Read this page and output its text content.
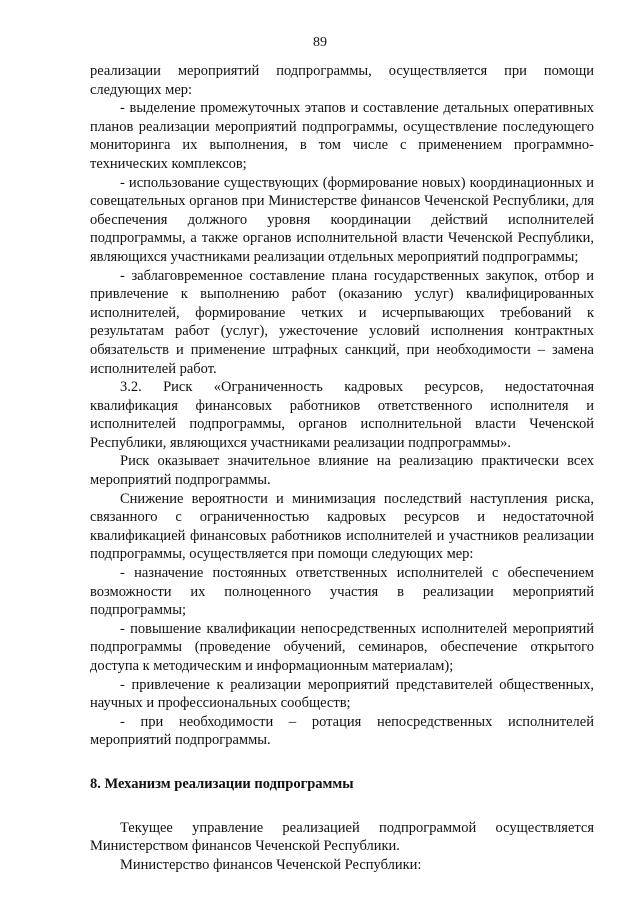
89

реализации мероприятий подпрограммы, осуществляется при помощи следующих мер:

- выделение промежуточных этапов и составление детальных оперативных планов реализации мероприятий подпрограммы, осуществление последующего мониторинга их выполнения, в том числе с применением программно-технических комплексов;

- использование существующих (формирование новых) координационных и совещательных органов при Министерстве финансов Чеченской Республики, для обеспечения должного уровня координации действий исполнителей подпрограммы, а также органов исполнительной власти Чеченской Республики, являющихся участниками реализации отдельных мероприятий подпрограммы;

- заблаговременное составление плана государственных закупок, отбор и привлечение к выполнению работ (оказанию услуг) квалифицированных исполнителей, формирование четких и исчерпывающих требований к результатам работ (услуг), ужесточение условий исполнения контрактных обязательств и применение штрафных санкций, при необходимости – замена исполнителей работ.

3.2. Риск «Ограниченность кадровых ресурсов, недостаточная квалификация финансовых работников ответственного исполнителя и исполнителей подпрограммы, органов исполнительной власти Чеченской Республики, являющихся участниками реализации подпрограммы».

Риск оказывает значительное влияние на реализацию практически всех мероприятий подпрограммы.

Снижение вероятности и минимизация последствий наступления риска, связанного с ограниченностью кадровых ресурсов и недостаточной квалификацией финансовых работников исполнителей и участников реализации подпрограммы, осуществляется при помощи следующих мер:

- назначение постоянных ответственных исполнителей с обеспечением возможности их полноценного участия в реализации мероприятий подпрограммы;

- повышение квалификации непосредственных исполнителей мероприятий подпрограммы (проведение обучений, семинаров, обеспечение открытого доступа к методическим и информационным материалам);

- привлечение к реализации мероприятий представителей общественных, научных и профессиональных сообществ;

- при необходимости – ротация непосредственных исполнителей мероприятий подпрограммы.

8. Механизм реализации подпрограммы

Текущее управление реализацией подпрограммой осуществляется Министерством финансов Чеченской Республики.

Министерство финансов Чеченской Республики:
